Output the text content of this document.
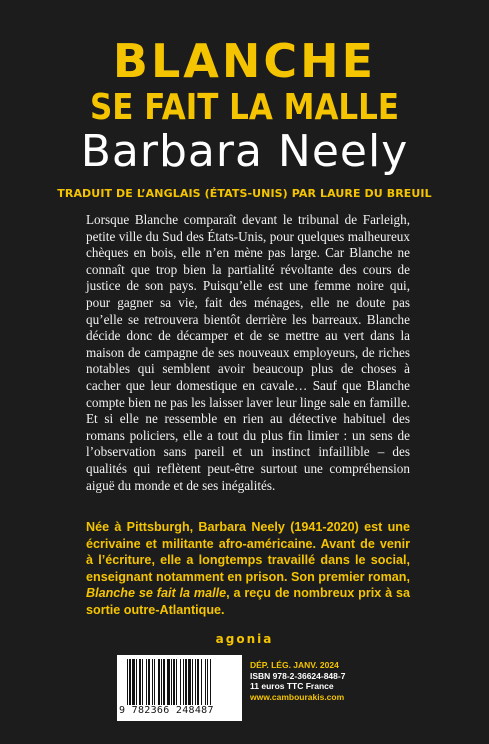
BLANCHE
SE FAIT LA MALLE
Barbara Neely
TRADUIT DE L’ANGLAIS (ÉTATS-UNIS) PAR LAURE DU BREUIL

Lorsque Blanche comparaît devant le tribunal de Farleigh, petite ville du Sud des États-Unis, pour quelques malheureux chèques en bois, elle n’en mène pas large. Car Blanche ne connaît que trop bien la partialité révoltante des cours de justice de son pays. Puisqu’elle est une femme noire qui, pour gagner sa vie, fait des ménages, elle ne doute pas qu’elle se retrouvera bientôt derrière les barreaux. Blanche décide donc de décamper et de se mettre au vert dans la maison de campagne de ses nouveaux employeurs, de riches notables qui semblent avoir beaucoup plus de choses à cacher que leur domestique en cavale… Sauf que Blanche compte bien ne pas les laisser laver leur linge sale en famille. Et si elle ne ressemble en rien au détective habituel des romans policiers, elle a tout du plus fin limier : un sens de l’observation sans pareil et un instinct infaillible – des qualités qui reflètent peut-être surtout une compréhension aiguë du monde et de ses inégalités.

Née à Pittsburgh, Barbara Neely (1941-2020) est une écrivaine et militante afro-américaine. Avant de venir à l’écriture, elle a longtemps travaillé dans le social, enseignant notamment en prison. Son premier roman, Blanche se fait la malle, a reçu de nombreux prix à sa sortie outre-Atlantique.

agonia
9 782366 248487
DÉP. LÉG. JANV. 2024
ISBN 978-2-36624-848-7
11 euros TTC France
www.cambourakis.com
